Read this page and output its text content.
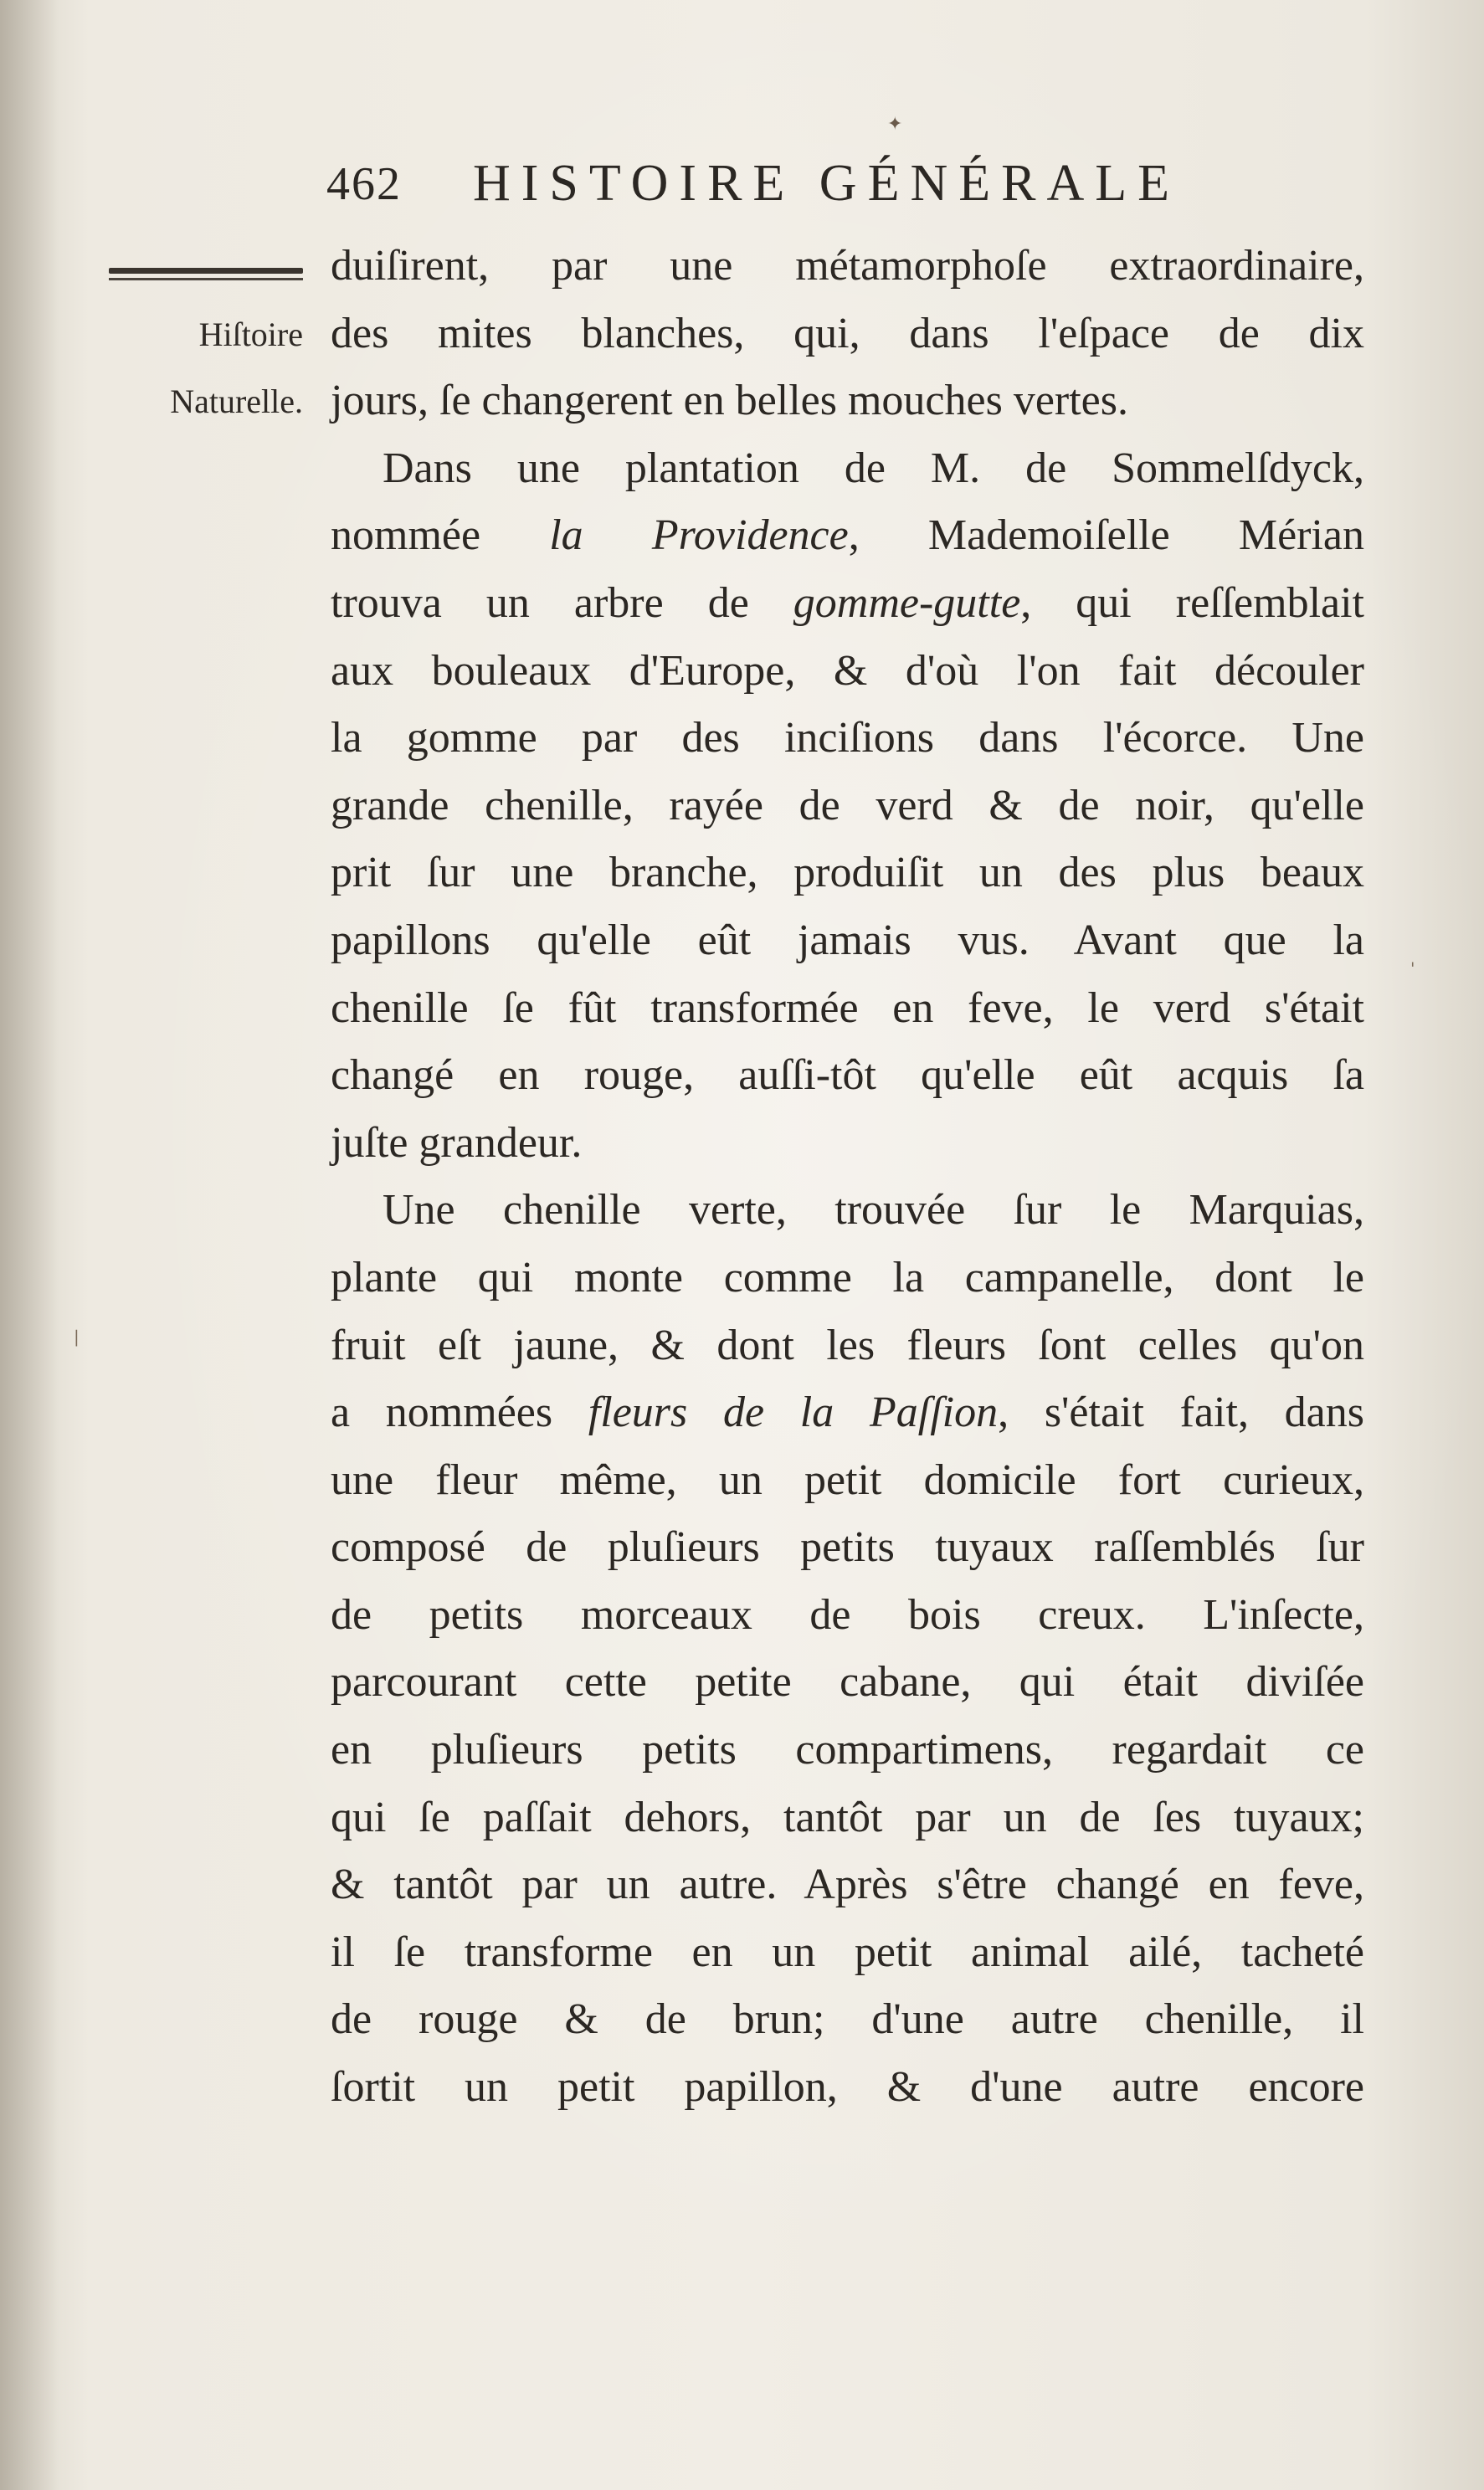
✦
462 HISTOIRE GÉNÉRALE
Hiſtoire
Naturelle.
duiſirent, par une métamorphoſe extraordinaire,
des mites blanches, qui, dans l'eſpace de dix
jours, ſe changerent en belles mouches vertes.
Dans une plantation de M. de Sommelſdyck,
nommée la Providence, Mademoiſelle Mérian
trouva un arbre de gomme-gutte, qui reſſemblait
aux bouleaux d'Europe, & d'où l'on fait découler
la gomme par des inciſions dans l'écorce. Une
grande chenille, rayée de verd & de noir, qu'elle
prit ſur une branche, produiſit un des plus beaux
papillons qu'elle eût jamais vus. Avant que la
chenille ſe fût transformée en feve, le verd s'était
changé en rouge, auſſi-tôt qu'elle eût acquis ſa
juſte grandeur.
Une chenille verte, trouvée ſur le Marquias,
plante qui monte comme la campanelle, dont le
fruit eſt jaune, & dont les fleurs ſont celles qu'on
a nommées fleurs de la Paſſion, s'était fait, dans
une fleur même, un petit domicile fort curieux,
composé de pluſieurs petits tuyaux raſſemblés ſur
de petits morceaux de bois creux. L'inſecte,
parcourant cette petite cabane, qui était diviſée
en pluſieurs petits compartimens, regardait ce
qui ſe paſſait dehors, tantôt par un de ſes tuyaux;
& tantôt par un autre. Après s'être changé en feve,
il ſe transforme en un petit animal ailé, tacheté
de rouge & de brun; d'une autre chenille, il
ſortit un petit papillon, & d'une autre encore
'
|
